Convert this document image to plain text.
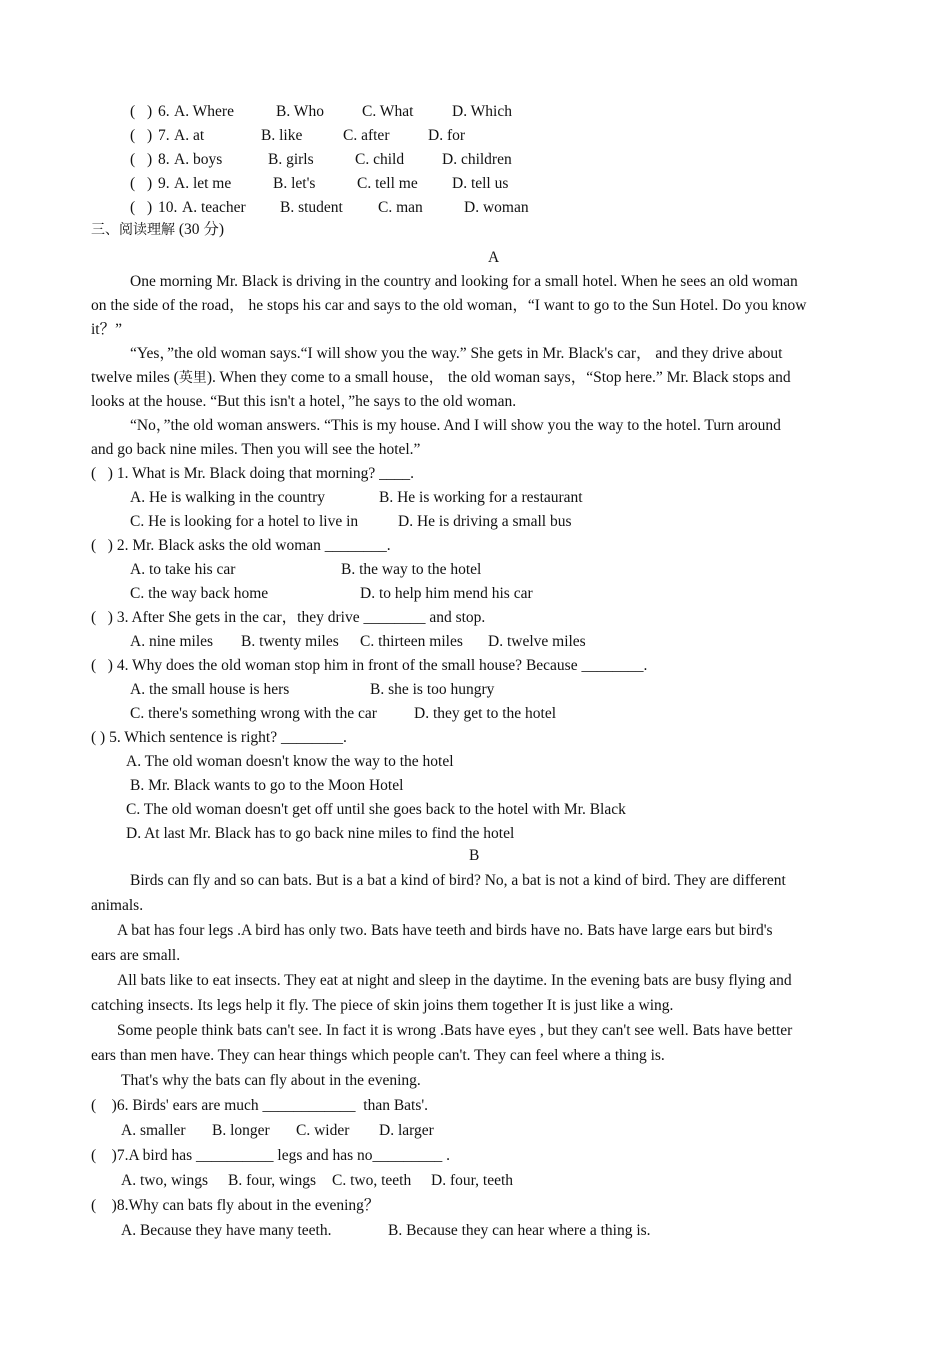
( ) 6. A. Where	B. Who C. What D. Which
( ) 7. A. at	B. like	C. after D. for
( ) 8. A. boys	B. girls	C. child D. children
( ) 9. A. let me	B. let's	C. tell me D. tell us
( ) 10. A. teacher B. student C. man	D. woman
三、阅读理解 (30 分)
A
One morning Mr. Black is driving in the country and looking for a small hotel. When he sees an old woman
on the side of the road， he stops his car and says to the old woman，“I want to go to the Sun Hotel. Do you know
it？”
“Yes，”the old woman says.“I will show you the way.” She gets in Mr. Black's car， and they drive about
twelve miles (英里). When they come to a small house， the old woman says，“Stop here.” Mr. Black stops and
looks at the house. “But this isn't a hotel，”he says to the old woman.
“No，”the old woman answers. “This is my house. And I will show you the way to the hotel. Turn around
and go back nine miles. Then you will see the hotel.”
(   ) 1. What is Mr. Black doing that morning? ____.
A. He is walking in the country	B. He is working for a restaurant
C. He is looking for a hotel to live in	D. He is driving a small bus
(   ) 2. Mr. Black asks the old woman ________.
A. to take his car	B. the way to the hotel
C. the way back home	D. to help him mend his car
(   ) 3. After She gets in the car，they drive ________ and stop.
A. nine miles B. twenty miles C. thirteen miles D. twelve miles
(   ) 4. Why does the old woman stop him in front of the small house? Because ________.
A. the small house is hers	B. she is too hungry
C. there's something wrong with the car D. they get to the hotel
( ) 5. Which sentence is right? ________.
A. The old woman doesn't know the way to the hotel
B. Mr. Black wants to go to the Moon Hotel
C. The old woman doesn't get off until she goes back to the hotel with Mr. Black
D. At last Mr. Black has to go back nine miles to find the hotel
B
Birds can fly and so can bats. But is a bat a kind of bird? No, a bat is not a kind of bird. They are different
animals.
A bat has four legs .A bird has only two. Bats have teeth and birds have no. Bats have large ears but bird's
ears are small.
All bats like to eat insects. They eat at night and sleep in the daytime. In the evening bats are busy flying and
catching insects. Its legs help it fly. The piece of skin joins them together It is just like a wing.
Some people think bats can't see. In fact it is wrong .Bats have eyes , but they can't see well. Bats have better
ears than men have. They can hear things which people can't. They can feel where a thing is.
That's why the bats can fly about in the evening.
(    )6. Birds' ears are much ____________  than Bats'.
A. smaller B. longer C. wider D. larger
(    )7.A bird has __________ legs and has no_________ .
A. two, wings B. four, wings C. two, teeth D. four, teeth
(    )8.Why can bats fly about in the evening？
A. Because they have many teeth.	B. Because they can hear where a thing is.
